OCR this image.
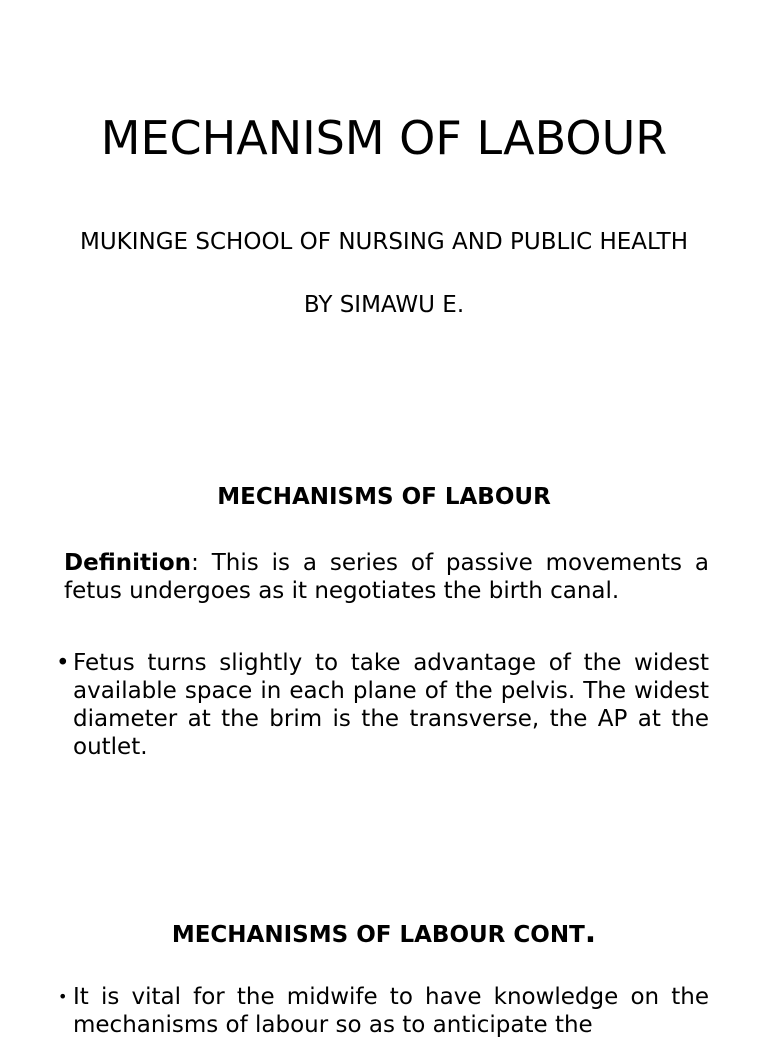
MECHANISM OF LABOUR

MUKINGE SCHOOL OF NURSING AND PUBLIC HEALTH

BY SIMAWU E.

MECHANISMS OF LABOUR

Definition: This is a series of passive movements a fetus undergoes as it negotiates the birth canal.

• Fetus turns slightly to take advantage of the widest available space in each plane of the pelvis. The widest diameter at the brim is the transverse, the AP at the outlet.

MECHANISMS OF LABOUR CONT.

• It is vital for the midwife to have knowledge on the mechanisms of labour so as to anticipate the
